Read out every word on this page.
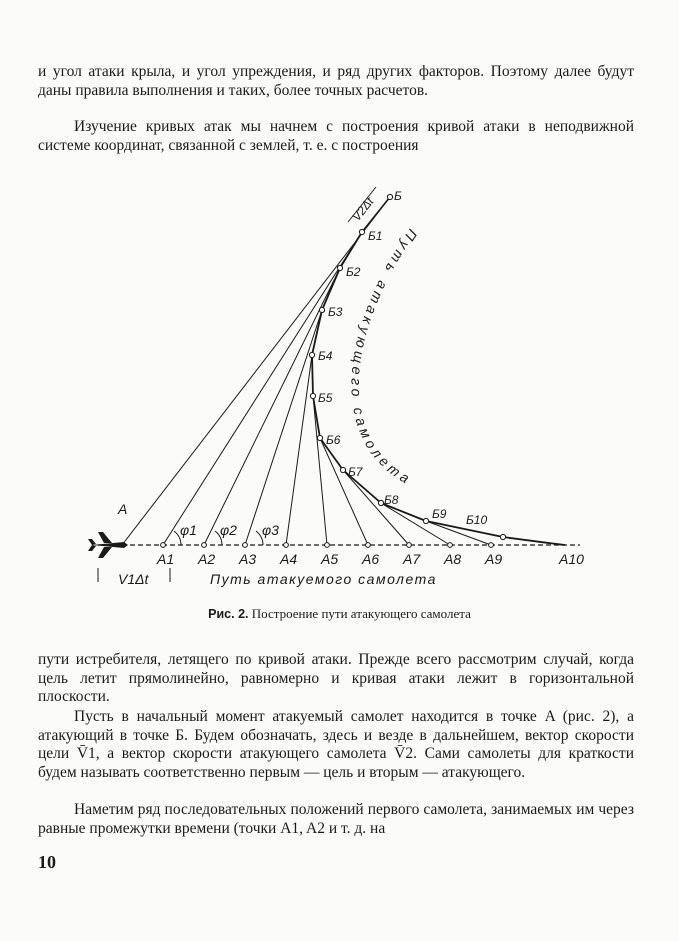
и угол атаки крыла, и угол упреждения, и ряд других факторов. Поэтому далее будут даны правила выполнения и таких, более точных расчетов.
Изучение кривых атак мы начнем с построения кривой атаки в неподвижной системе координат, связанной с землей, т. е. с построения
Б
Б1
Б2
Б3
Б4
Б5
Б6
Б7
Б8
Б9 Б10
A
A1 A2 A3 A4 A5 A6 A7 A8 A9	A10
φ1 φ2 φ3
V1Δt
V2Δt
Путь атакуемого самолета
Путь атакующего самолета
Рис. 2. Построение пути атакующего самолета
пути истребителя, летящего по кривой атаки. Прежде всего рассмотрим случай, когда цель летит прямолинейно, равномерно и кривая атаки лежит в горизонтальной плоскости.
Пусть в начальный момент атакуемый самолет находится в точке A (рис. 2), а атакующий в точке Б. Будем обозначать, здесь и везде в дальнейшем, вектор скорости цели V̄1, а вектор скорости атакующего самолета V̄2. Сами самолеты для краткости будем называть соответственно первым — цель и вторым — атакующего.
Наметим ряд последовательных положений первого самолета, занимаемых им через равные промежутки времени (точки A1, A2 и т. д. на
10
